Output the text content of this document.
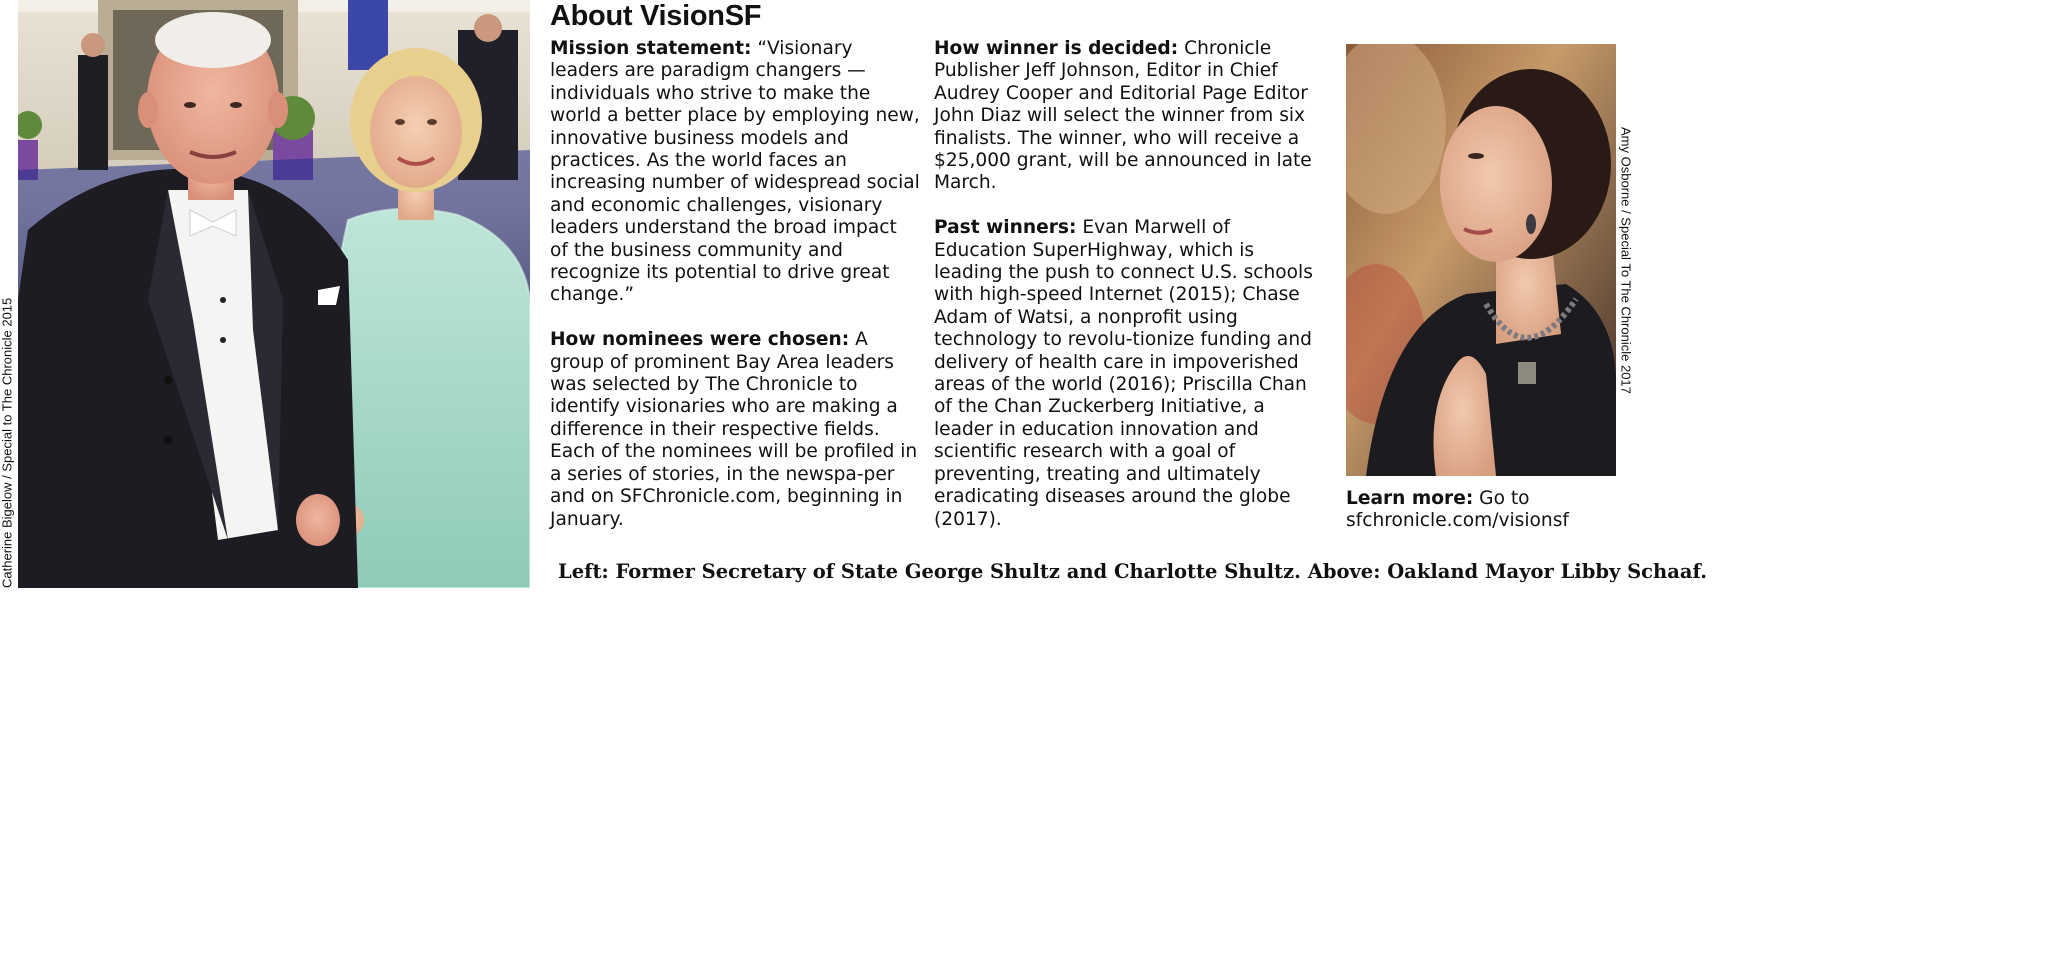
Catherine Bigelow / Special to The Chronicle 2015
About VisionSF

Mission statement: “Visionary leaders are paradigm changers — individuals who strive to make the world a better place by employing new, innovative business models and practices. As the world faces an increasing number of widespread social and economic challenges, visionary leaders understand the broad impact of the business community and recognize its potential to drive great change.”

How nominees were chosen: A group of prominent Bay Area leaders was selected by The Chronicle to identify visionaries who are making a difference in their respective fields. Each of the nominees will be profiled in a series of stories, in the newspa-per and on SFChronicle.com, beginning in January.

How winner is decided: Chronicle Publisher Jeff Johnson, Editor in Chief Audrey Cooper and Editorial Page Editor John Diaz will select the winner from six finalists. The winner, who will receive a $25,000 grant, will be announced in late March.

Past winners: Evan Marwell of Education SuperHighway, which is leading the push to connect U.S. schools with high-speed Internet (2015); Chase Adam of Watsi, a nonprofit using technology to revolu-tionize funding and delivery of health care in impoverished areas of the world (2016); Priscilla Chan of the Chan Zuckerberg Initiative, a leader in education innovation and scientific research with a goal of preventing, treating and ultimately eradicating diseases around the globe (2017).

Amy Osborne / Special To The Chronicle 2017
Learn more: Go to sfchronicle.com/visionsf
Left: Former Secretary of State George Shultz and Charlotte Shultz. Above: Oakland Mayor Libby Schaaf.
